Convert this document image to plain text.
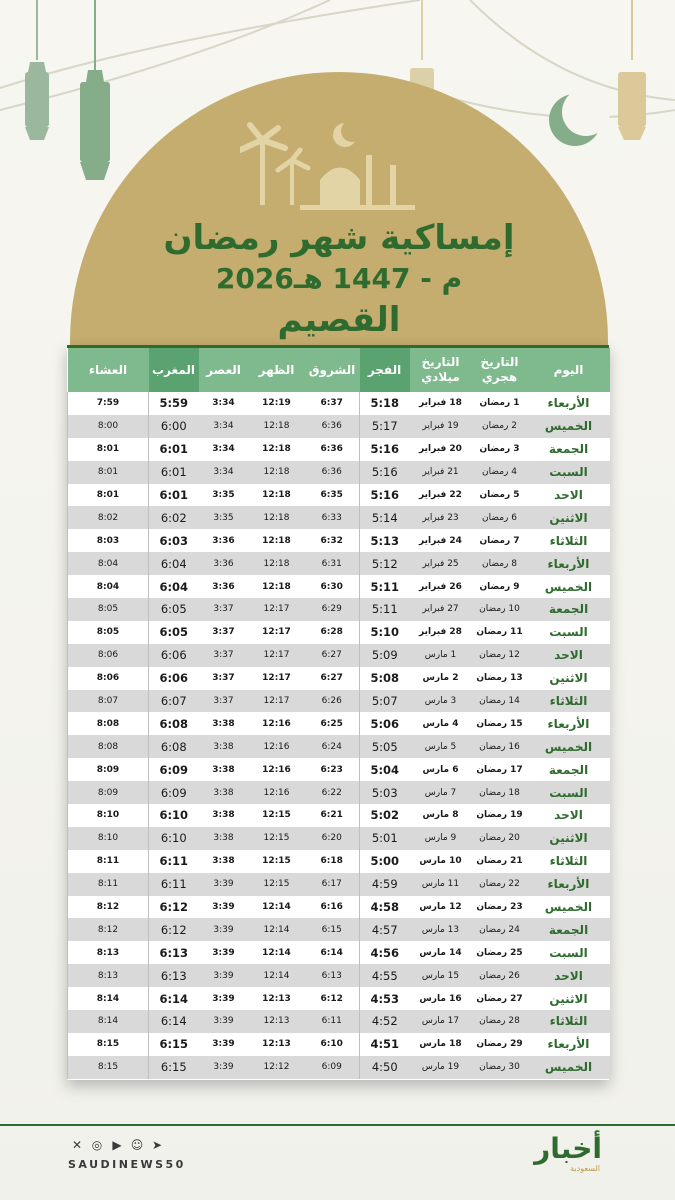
إمساكية شهر رمضان
2026م - 1447 هـ
القصيم
اليوم	التاريخ هجري	التاريخ ميلادي	الفجر	الشروق	الظهر	العصر	المغرب	العشاء
الأربعاء	1 رمضان	18 فبراير	5:18	6:37	12:19	3:34	5:59	7:59
الخميس	2 رمضان	19 فبراير	5:17	6:36	12:18	3:34	6:00	8:00
الجمعة	3 رمضان	20 فبراير	5:16	6:36	12:18	3:34	6:01	8:01
السبت	4 رمضان	21 فبراير	5:16	6:36	12:18	3:34	6:01	8:01
الاحد	5 رمضان	22 فبراير	5:16	6:35	12:18	3:35	6:01	8:01
الاثنين	6 رمضان	23 فبراير	5:14	6:33	12:18	3:35	6:02	8:02
الثلاثاء	7 رمضان	24 فبراير	5:13	6:32	12:18	3:36	6:03	8:03
الأربعاء	8 رمضان	25 فبراير	5:12	6:31	12:18	3:36	6:04	8:04
الخميس	9 رمضان	26 فبراير	5:11	6:30	12:18	3:36	6:04	8:04
الجمعة	10 رمضان	27 فبراير	5:11	6:29	12:17	3:37	6:05	8:05
السبت	11 رمضان	28 فبراير	5:10	6:28	12:17	3:37	6:05	8:05
الاحد	12 رمضان	1 مارس	5:09	6:27	12:17	3:37	6:06	8:06
الاثنين	13 رمضان	2 مارس	5:08	6:27	12:17	3:37	6:06	8:06
الثلاثاء	14 رمضان	3 مارس	5:07	6:26	12:17	3:37	6:07	8:07
الأربعاء	15 رمضان	4 مارس	5:06	6:25	12:16	3:38	6:08	8:08
الخميس	16 رمضان	5 مارس	5:05	6:24	12:16	3:38	6:08	8:08
الجمعة	17 رمضان	6 مارس	5:04	6:23	12:16	3:38	6:09	8:09
السبت	18 رمضان	7 مارس	5:03	6:22	12:16	3:38	6:09	8:09
الاحد	19 رمضان	8 مارس	5:02	6:21	12:15	3:38	6:10	8:10
الاثنين	20 رمضان	9 مارس	5:01	6:20	12:15	3:38	6:10	8:10
الثلاثاء	21 رمضان	10 مارس	5:00	6:18	12:15	3:38	6:11	8:11
الأربعاء	22 رمضان	11 مارس	4:59	6:17	12:15	3:39	6:11	8:11
الخميس	23 رمضان	12 مارس	4:58	6:16	12:14	3:39	6:12	8:12
الجمعة	24 رمضان	13 مارس	4:57	6:15	12:14	3:39	6:12	8:12
السبت	25 رمضان	14 مارس	4:56	6:14	12:14	3:39	6:13	8:13
الاحد	26 رمضان	15 مارس	4:55	6:13	12:14	3:39	6:13	8:13
الاثنين	27 رمضان	16 مارس	4:53	6:12	12:13	3:39	6:14	8:14
الثلاثاء	28 رمضان	17 مارس	4:52	6:11	12:13	3:39	6:14	8:14
الأربعاء	29 رمضان	18 مارس	4:51	6:10	12:13	3:39	6:15	8:15
الخميس	30 رمضان	19 مارس	4:50	6:09	12:12	3:39	6:15	8:15
✕ ◎ ▶ ☺ ➤
SAUDINEWS50	أخبار
السعودية
